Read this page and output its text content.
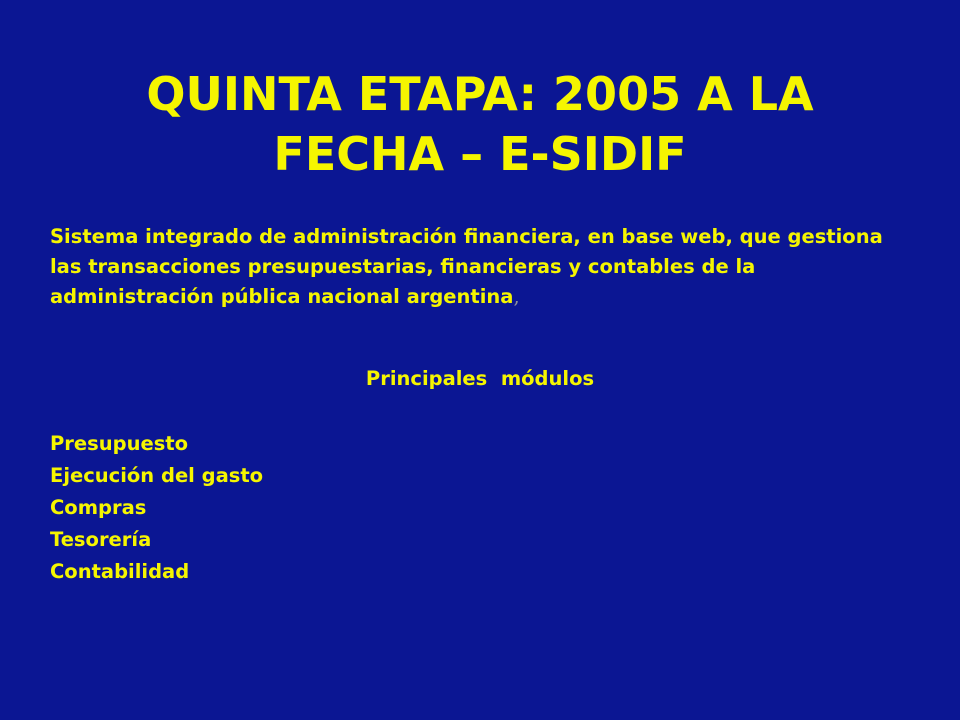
QUINTA ETAPA: 2005 A LA FECHA – E-SIDIF

Sistema integrado de administración financiera, en base web, que gestiona las transacciones presupuestarias, financieras y contables de la administración pública nacional argentina,

Principales  módulos

Presupuesto
Ejecución del gasto
Compras
Tesorería
Contabilidad
